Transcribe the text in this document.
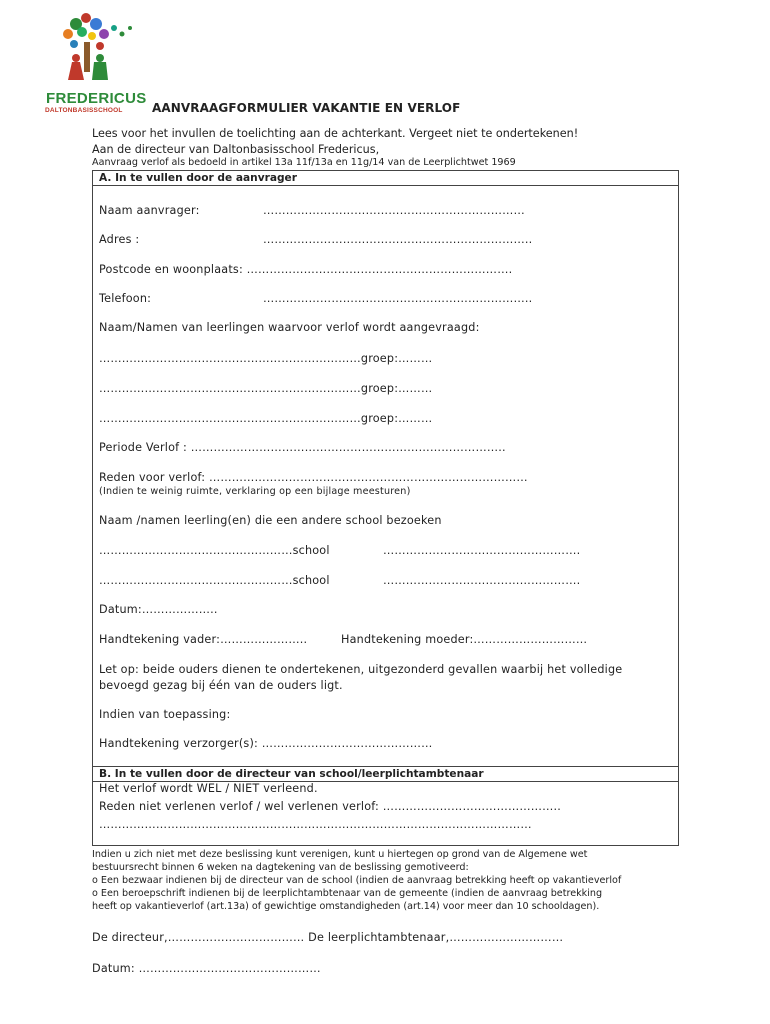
FREDERICUS
DALTONBASISSCHOOL AANVRAAGFORMULIER VAKANTIE EN VERLOF
Lees voor het invullen de toelichting aan de achterkant. Vergeet niet te ondertekenen!
Aan de directeur van Daltonbasisschool Fredericus,
Aanvraag verlof als bedoeld in artikel 13a 11f/13a en 11g/14 van de Leerplichtwet 1969
A. In te vullen door de aanvrager
Naam aanvrager:	……………………………………………………………
Adres :	……………………………………………………………..
Postcode en woonplaats: …………………………………………………………….
Telefoon:	……………………………………………………………..
Naam/Namen van leerlingen waarvoor verlof wordt aangevraagd:
……………………………………………………………groep:………
……………………………………………………………groep:………
……………………………………………………………groep:………
Periode Verlof : ………………………………………………………………………..
Reden voor verlof: …………………………………………………………………………
(Indien te weinig ruimte, verklaring op een bijlage meesturen)
Naam /namen leerling(en) die een andere school bezoeken
……………………………………………school	…………………………………………….
……………………………………………school	…………………………………………….
Datum:………………..
Handtekening vader:…………………..	Handtekening moeder:…………………………
Let op: beide ouders dienen te ondertekenen, uitgezonderd gevallen waarbij het volledige
bevoegd gezag bij één van de ouders ligt.
Indien van toepassing:
Handtekening verzorger(s): ………………………………………
B. In te vullen door de directeur van school/leerplichtambtenaar
Het verlof wordt WEL / NIET verleend.
Reden niet verlenen verlof / wel verlenen verlof: ………………………………………..
……………………………………………………………………………………………………
Indien u zich niet met deze beslissing kunt verenigen, kunt u hiertegen op grond van de Algemene wet
bestuursrecht binnen 6 weken na dagtekening van de beslissing gemotiveerd:
o Een bezwaar indienen bij de directeur van de school (indien de aanvraag betrekking heeft op vakantieverlof
o Een beroepschrift indienen bij de leerplichtambtenaar van de gemeente (indien de aanvraag betrekking
heeft op vakantieverlof (art.13a) of gewichtige omstandigheden (art.14) voor meer dan 10 schooldagen).
De directeur,……………………………… De leerplichtambtenaar,…………………………
Datum: …………………………………………
